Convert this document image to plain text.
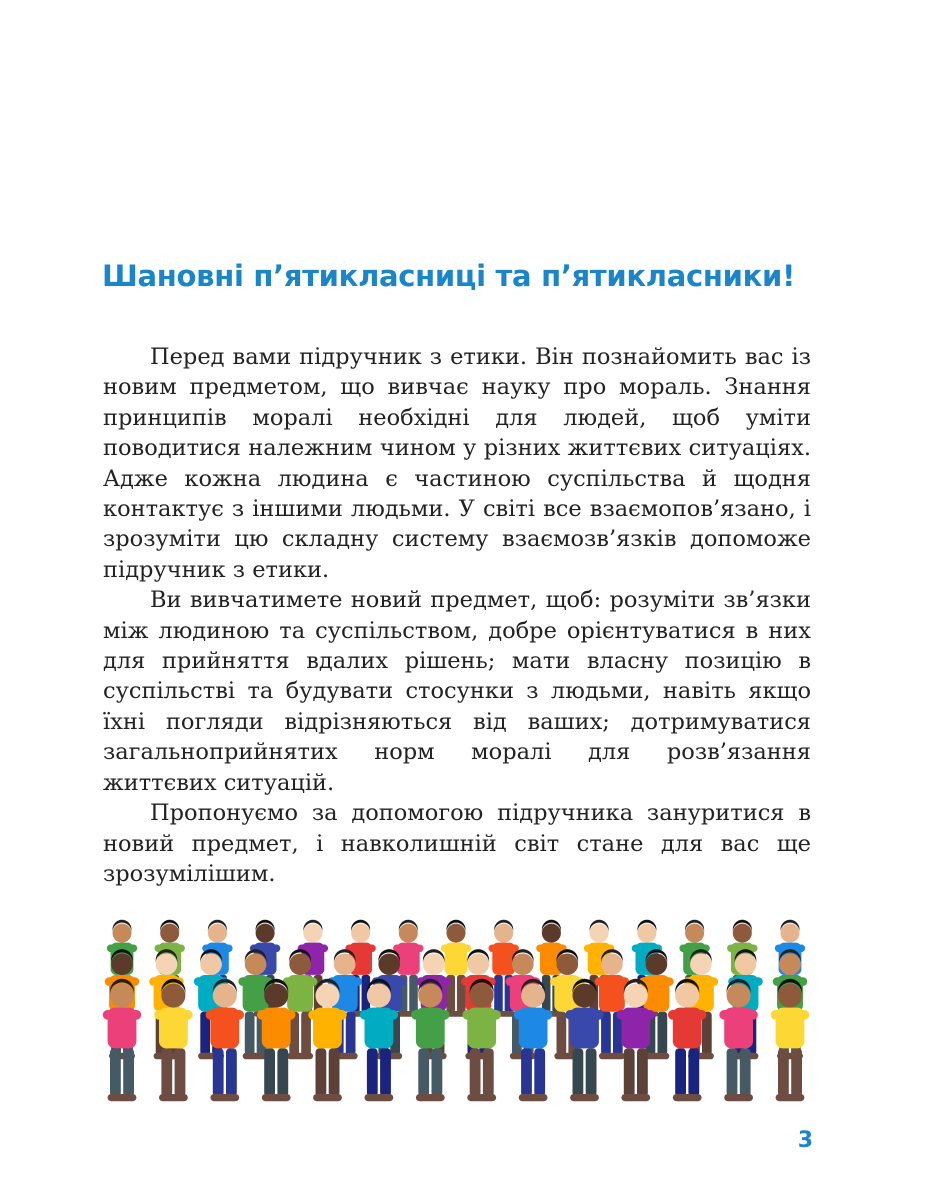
Шановні п’ятикласниці та п’ятикласники!

Перед вами підручник з етики. Він познайомить вас із новим предметом, що вивчає науку про мораль. Знання принципів моралі необхідні для людей, щоб уміти поводитися належним чином у різних життєвих ситуаціях. Адже кожна людина є частиною суспільства й щодня контактує з іншими людьми. У світі все взаємопов’язано, і зрозуміти цю складну систему взаємозв’язків допоможе підручник з етики.

Ви вивчатимете новий предмет, щоб: розуміти зв’язки між людиною та суспільством, добре орієнтуватися в них для прийняття вдалих рішень; мати власну позицію в суспільстві та будувати стосунки з людьми, навіть якщо їхні погляди відрізняються від ваших; дотримуватися загальноприйнятих норм моралі для розв’язання життєвих ситуацій.

Пропонуємо за допомогою підручника зануритися в новий предмет, і навколишній світ стане для вас ще зрозумілішим.

3
